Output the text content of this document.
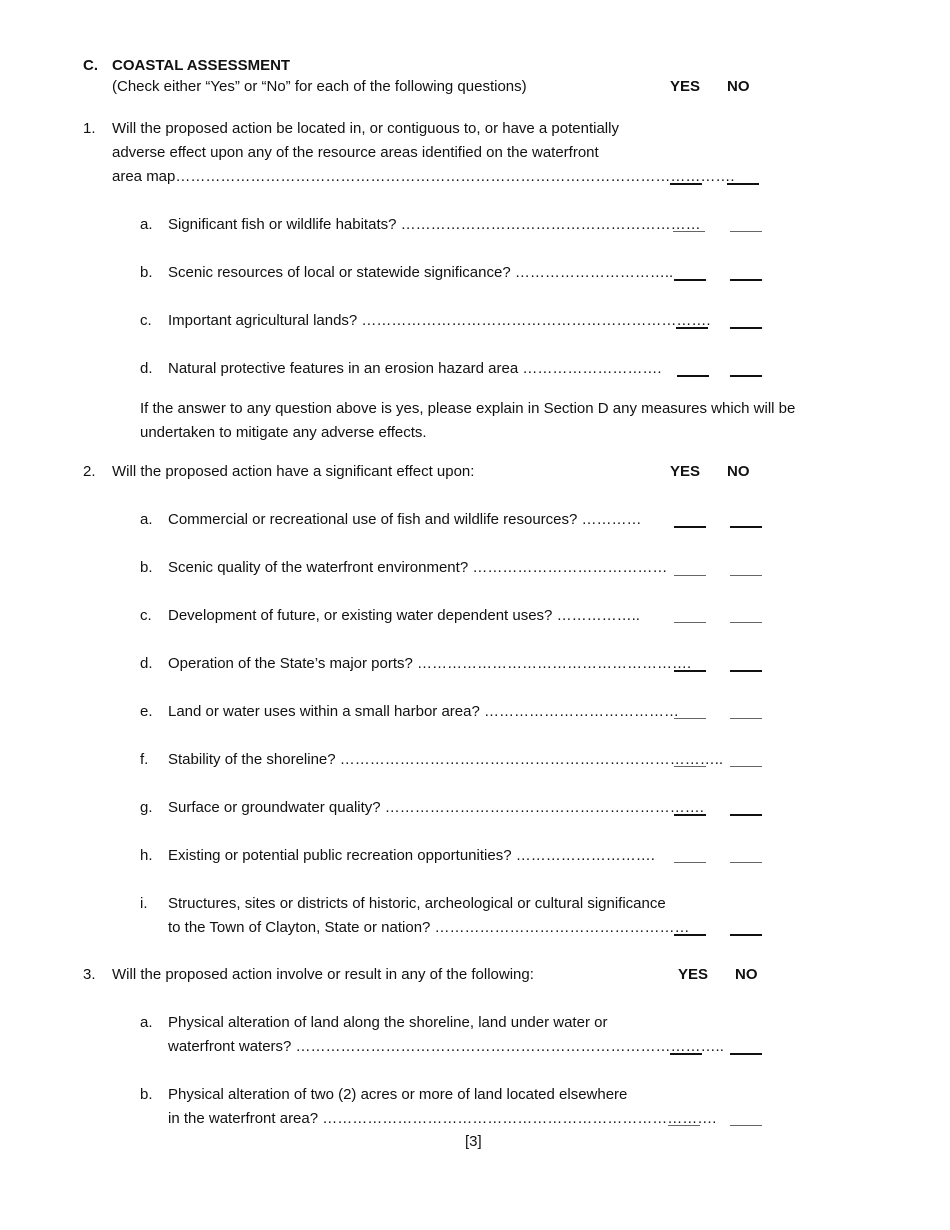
C. COASTAL ASSESSMENT
(Check either “Yes” or “No” for each of the following questions)	YES NO
1. Will the proposed action be located in, or contiguous to, or have a potentially
adverse effect upon any of the resource areas identified on the waterfront
area map………………………………………………………………………………………………….
a. Significant fish or wildlife habitats? ……………………………………………………
b. Scenic resources of local or statewide significance? …………………………..
c. Important agricultural lands? …………………………………………………………….
d. Natural protective features in an erosion hazard area ……………………….
If the answer to any question above is yes, please explain in Section D any measures which will be undertaken to mitigate any adverse effects.
2. Will the proposed action have a significant effect upon:	YES NO
a. Commercial or recreational use of fish and wildlife resources? …………
b. Scenic quality of the waterfront environment? …………………………………
c. Development of future, or existing water dependent uses? ……………..
d. Operation of the State’s major ports? ……………………………………………….
e. Land or water uses within a small harbor area? …………………………………
f. Stability of the shoreline? …………………………………………………………………..
g. Surface or groundwater quality? ……………………………………………………….
h. Existing or potential public recreation opportunities? ……………………….
i. Structures, sites or districts of historic, archeological or cultural significance
to the Town of Clayton, State or nation? ……………………………………………
3. Will the proposed action involve or result in any of the following:	YES NO
a. Physical alteration of land along the shoreline, land under water or
waterfront waters? …………………………………………………………………………..
b. Physical alteration of two (2) acres or more of land located elsewhere
in the waterfront area? …………………………………………………………………….
[3]
